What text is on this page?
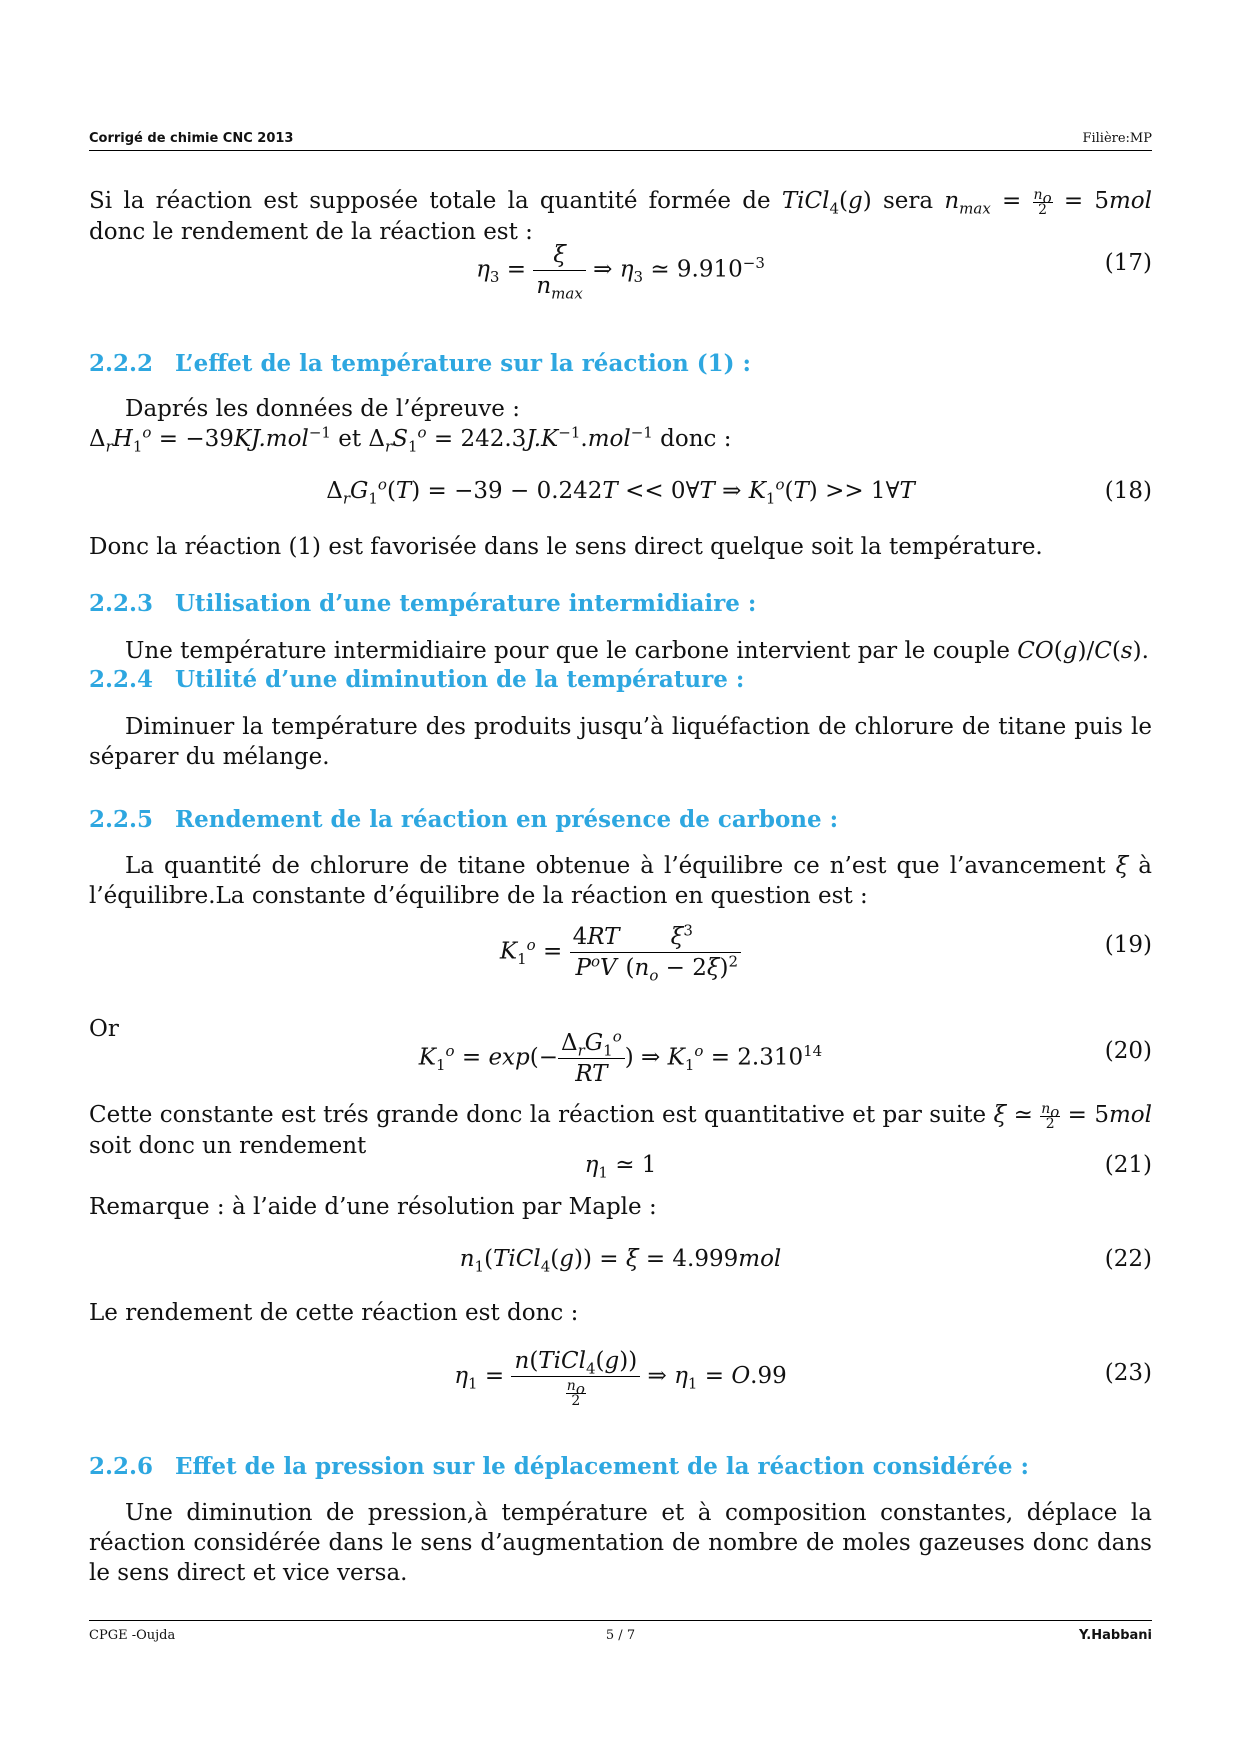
Corrigé de chimie CNC 2013	Filière:MP
Si la réaction est supposée totale la quantité formée de TiCl$_4$(g) sera $n_{max} = \frac{n_o}{2} = 5mol$ donc le rendement de la réaction est :
$\eta_3 = \frac{\xi}{n_{max}}$ ⇒ $\eta_3$ ≃ $9.910^{-3}$	(17)
2.2.2 L’effet de la température sur la réaction (1) :
Daprés les données de l’épreuve :
$\Delta_rH_1^o = -39KJ.mol^{-1}$ et $\Delta_rS_1^o = 242.3J.K^{-1}.mol^{-1}$ donc :
$\Delta_rG_1^o(T) = -39 - 0.242T$ << 0∀T ⇒ $K_1^o(T)$ >> 1∀T	(18)
Donc la réaction (1) est favorisée dans le sens direct quelque soit la température.
2.2.3 Utilisation d’une température intermidiaire :
Une température intermidiaire pour que le carbone intervient par le couple CO(g)/C(s).
2.2.4 Utilité d’une diminution de la température :
Diminuer la température des produits jusqu’à liquéfaction de chlorure de titane puis le séparer du mélange.
2.2.5 Rendement de la réaction en présence de carbone :
La quantité de chlorure de titane obtenue à l’équilibre ce n’est que l’avancement ξ à l’équilibre.La constante d’équilibre de la réaction en question est :
$K_1^o = \frac{4RT}{P^oV} \frac{\xi^3}{(n_o - 2\xi)^2}$	(19)
Or
$K_1^o = \exp(- \frac{\Delta_rG_1^o}{RT}$ ) ⇒ $K_1^o = 2.310^{14}$	(20)
Cette constante est trés grande donc la réaction est quantitative et par suite ξ ≃ $\frac{n_o}{2} = 5mol$ soit donc un rendement
$\eta_1$ ≃ 1	(21)
Remarque : à l’aide d’une résolution par Maple :
$n_1(TiCl_4(g)) = \xi = 4.999mol$	(22)
Le rendement de cette réaction est donc :
$\eta_1 = \frac{n(TiCl_4(g))}{\frac{n_o}{2}}$ ⇒ $\eta_1 = O.99$	(23)
2.2.6 Effet de la pression sur le déplacement de la réaction considérée :
Une diminution de pression,à température et à composition constantes, déplace la réaction considérée dans le sens d’augmentation de nombre de moles gazeuses donc dans le sens direct et vice versa.
CPGE -Oujda	5 / 7	Y.Habbani
